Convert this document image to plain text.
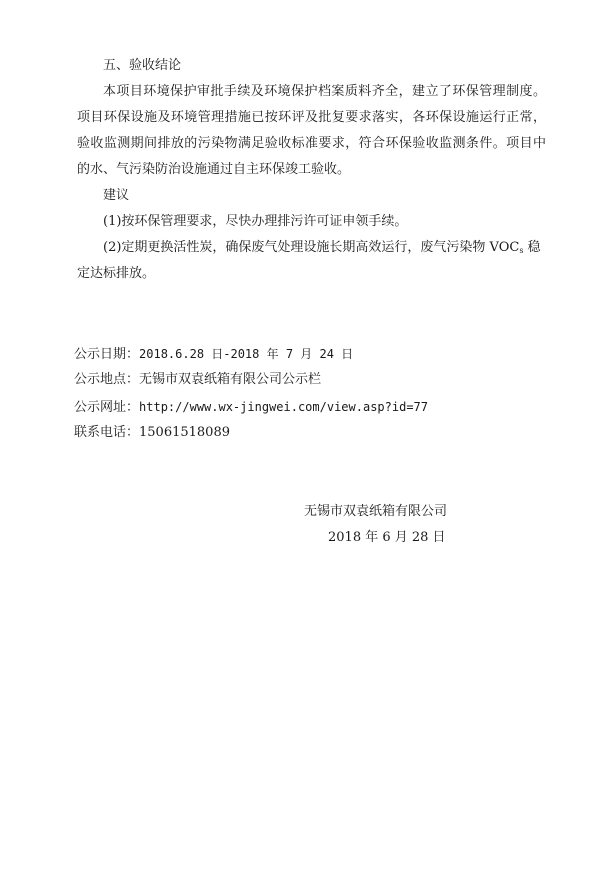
五、验收结论
本项目环境保护审批手续及环境保护档案质料齐全，建立了环保管理制度。
项目环保设施及环境管理措施已按环评及批复要求落实，各环保设施运行正常，
验收监测期间排放的污染物满足验收标准要求，符合环保验收监测条件。项目中
的水、气污染防治设施通过自主环保竣工验收。
建议
(1)按环保管理要求，尽快办理排污许可证申领手续。
(2)定期更换活性炭，确保废气处理设施长期高效运行，废气污染物 $VOC_s$ 稳
定达标排放。
公示日期：2018.6.28 日-2018 年 7 月 24 日
公示地点：无锡市双袁纸箱有限公司公示栏
公示网址：http://www.wx-jingwei.com/view.asp?id=77
联系电话：15061518089
无锡市双袁纸箱有限公司
2018 年 6 月 28 日
